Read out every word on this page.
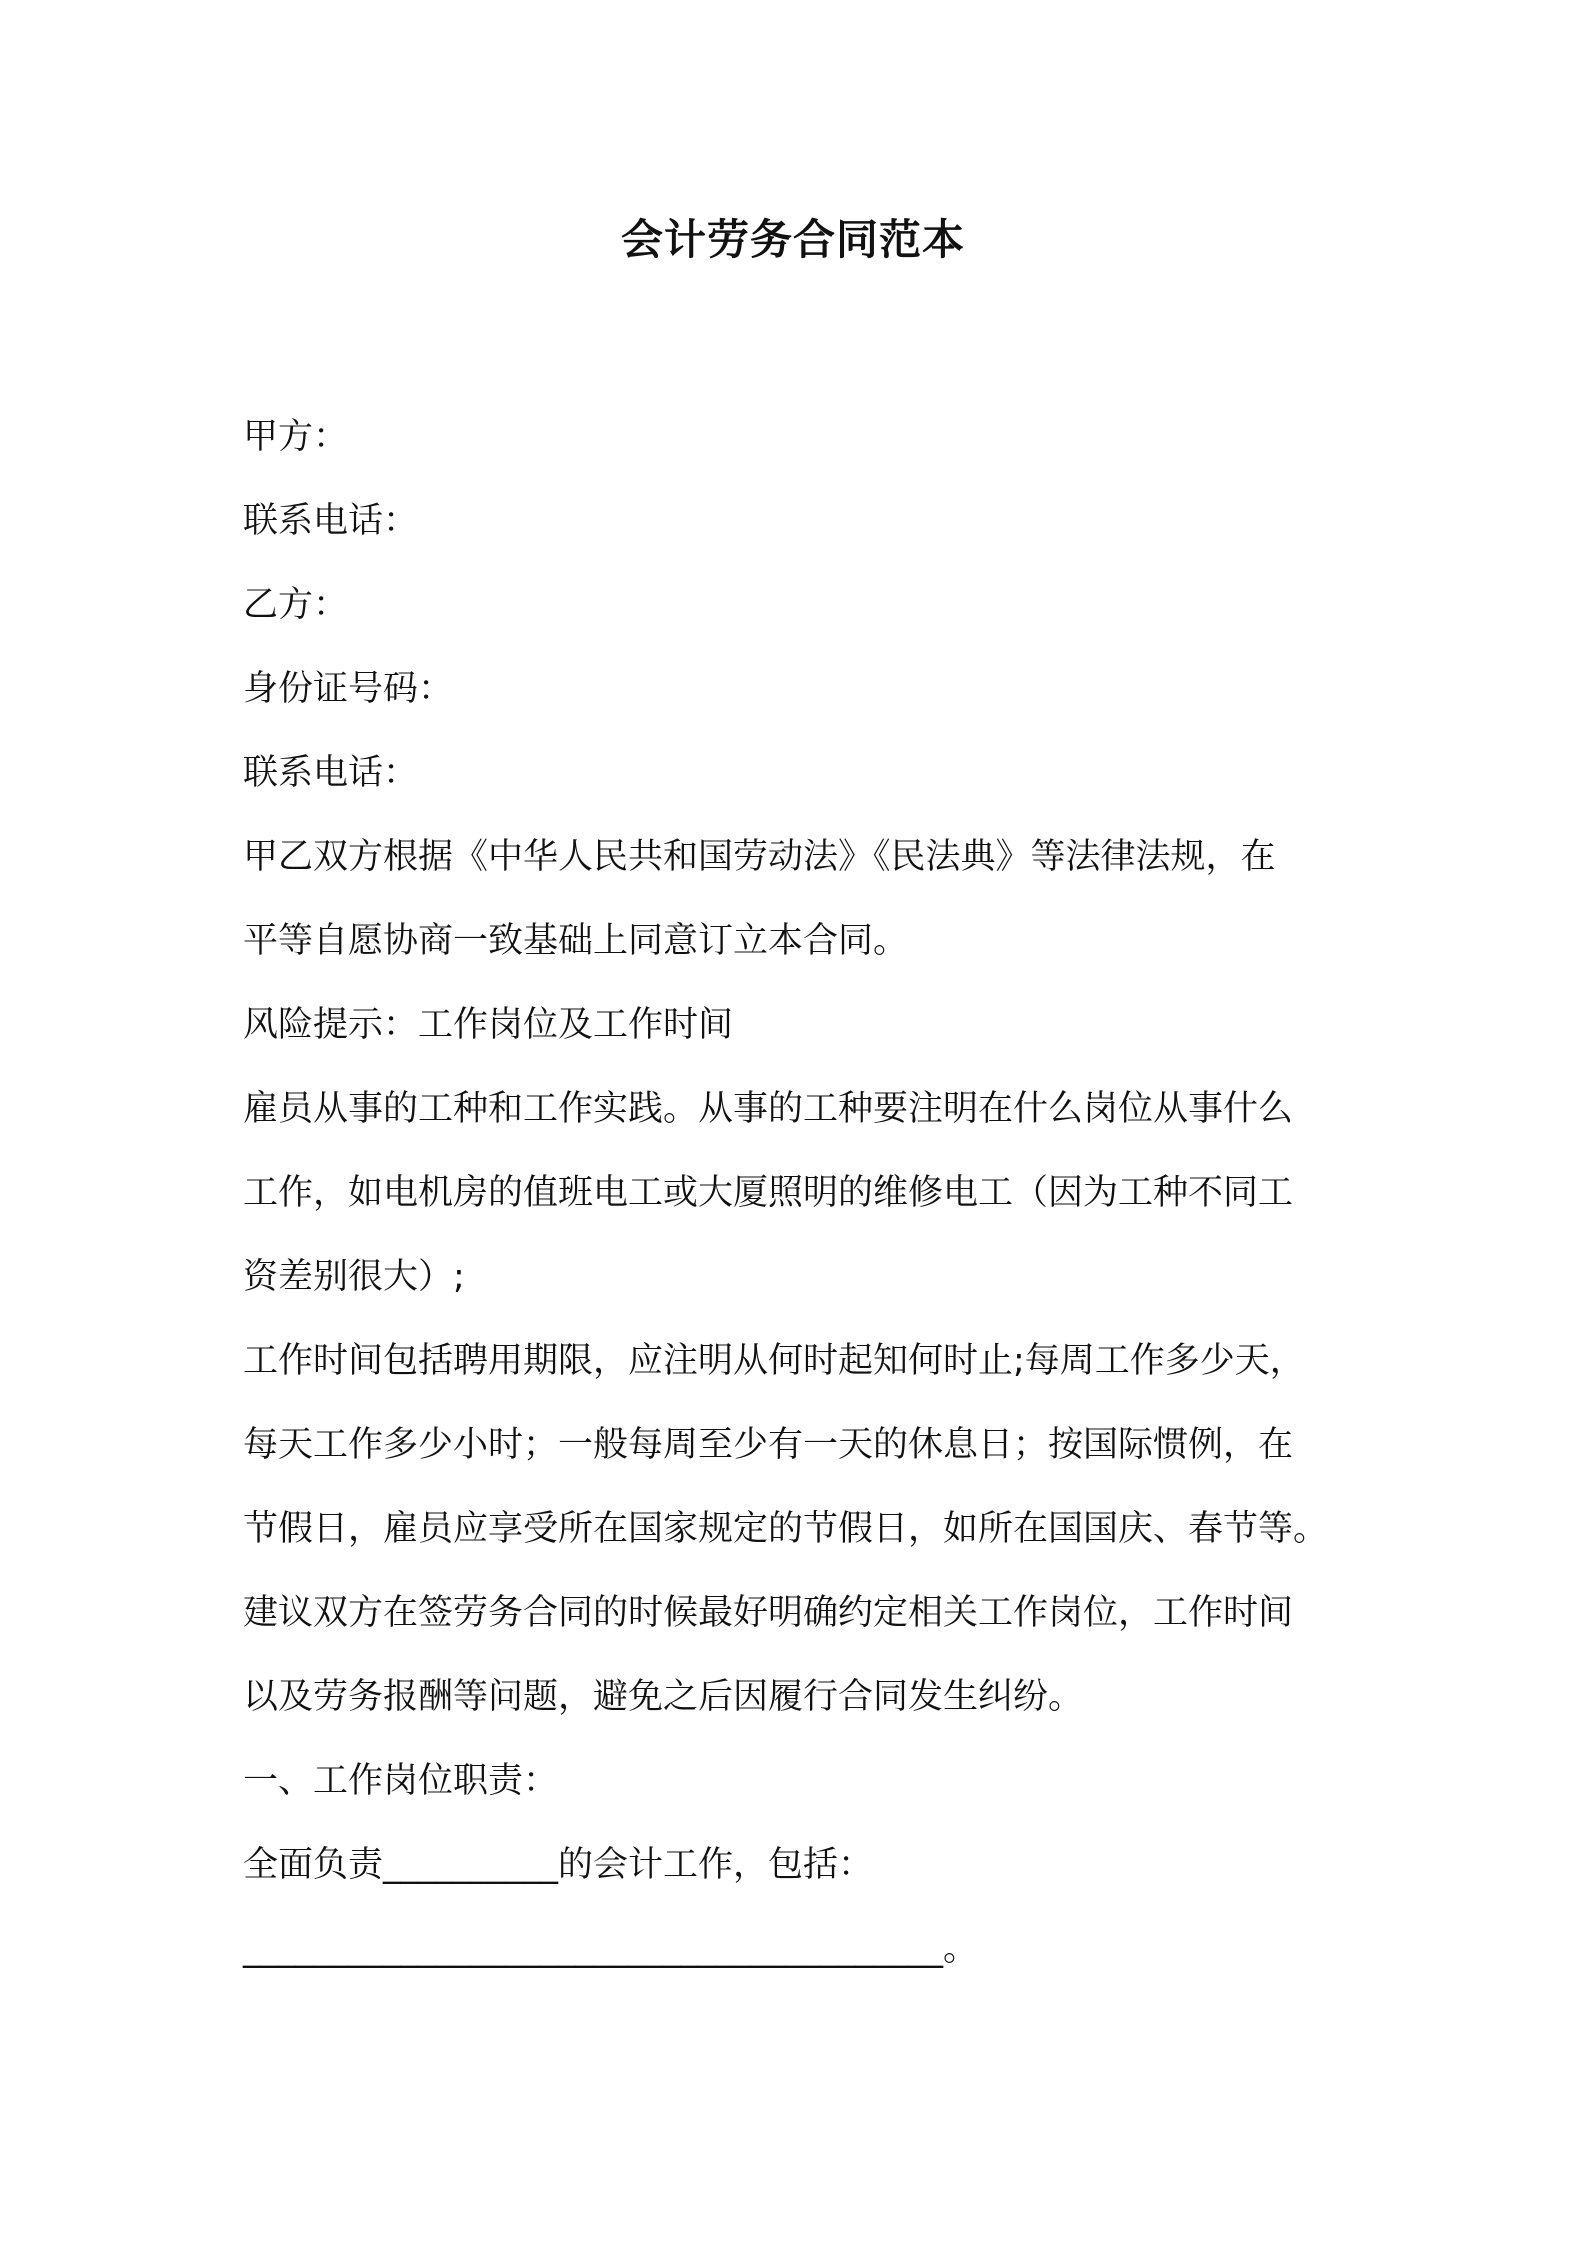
会计劳务合同范本
甲方：
联系电话：
乙方：
身份证号码：
联系电话：
甲乙双方根据《中华人民共和国劳动法》《民法典》等法律法规，在
平等自愿协商一致基础上同意订立本合同。
风险提示：工作岗位及工作时间
雇员从事的工种和工作实践。从事的工种要注明在什么岗位从事什么
工作，如电机房的值班电工或大厦照明的维修电工（因为工种不同工
资差别很大）;
工作时间包括聘用期限，应注明从何时起知何时止;每周工作多少天，
每天工作多少小时；一般每周至少有一天的休息日；按国际惯例，在
节假日，雇员应享受所在国家规定的节假日，如所在国国庆、春节等。
建议双方在签劳务合同的时候最好明确约定相关工作岗位，工作时间
以及劳务报酬等问题，避免之后因履行合同发生纠纷。
一、工作岗位职责：
全面负责__________的会计工作，包括：
________________________________________。
